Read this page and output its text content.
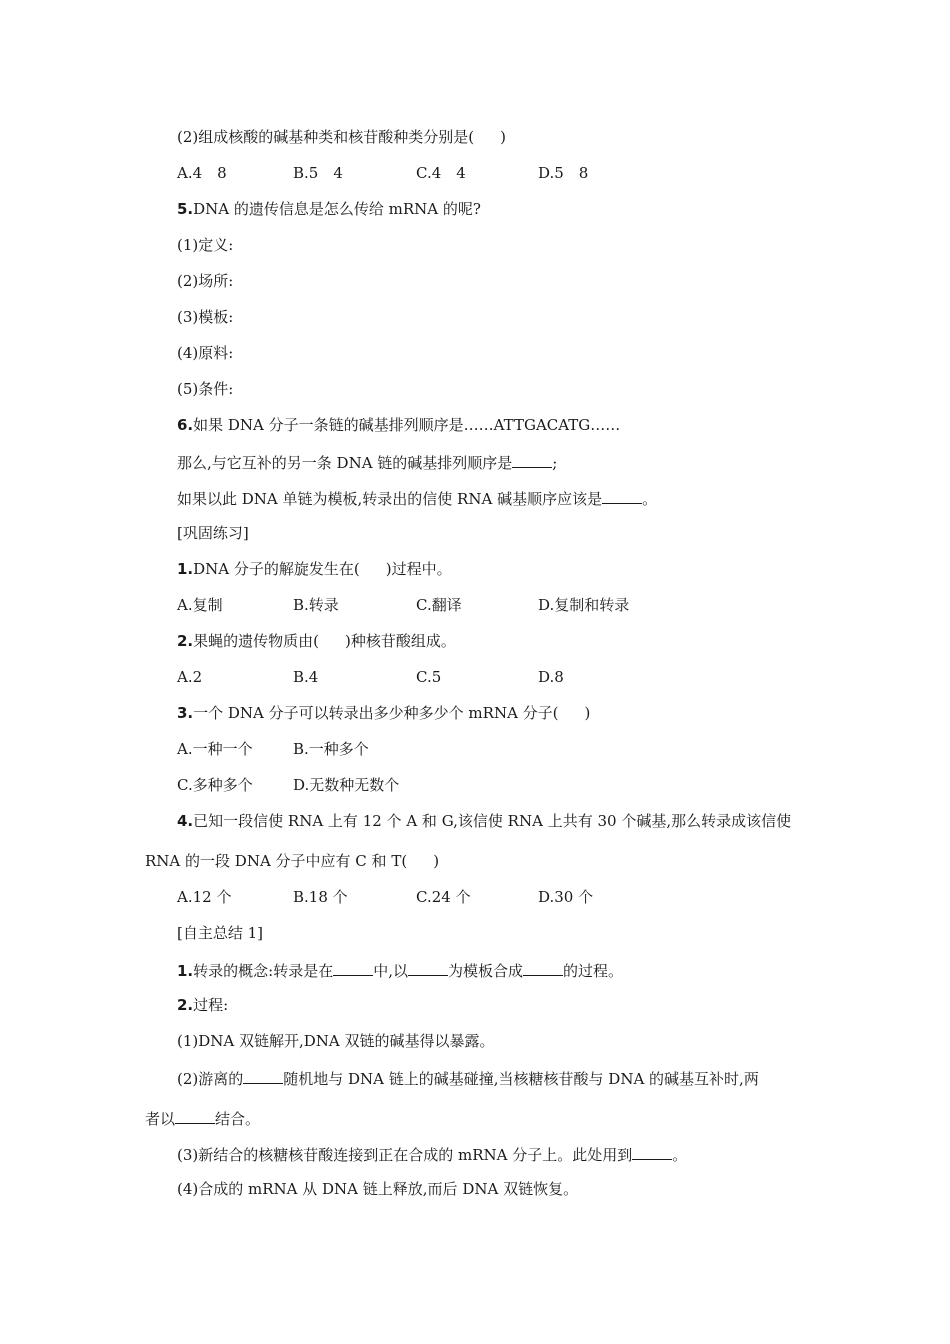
(2)组成核酸的碱基种类和核苷酸种类分别是( )
A.4　8	B.5　4	C.4　4	D.5　8
5.DNA 的遗传信息是怎么传给 mRNA 的呢?
(1)定义:
(2)场所:
(3)模板:
(4)原料:
(5)条件:
6.如果 DNA 分子一条链的碱基排列顺序是……ATTGACATG……
那么,与它互补的另一条 DNA 链的碱基排列顺序是	;
如果以此 DNA 单链为模板,转录出的信使 RNA 碱基顺序应该是	。
[巩固练习]
1.DNA 分子的解旋发生在( )过程中。
A.复制	B.转录	C.翻译	D.复制和转录
2.果蝇的遗传物质由( )种核苷酸组成。
A.2	B.4	C.5	D.8
3.一个 DNA 分子可以转录出多少种多少个 mRNA 分子( )
A.一种一个	B.一种多个
C.多种多个	D.无数种无数个
4.已知一段信使 RNA 上有 12 个 A 和 G,该信使 RNA 上共有 30 个碱基,那么转录成该信使
RNA 的一段 DNA 分子中应有 C 和 T( )
A.12 个	B.18 个	C.24 个	D.30 个
[自主总结 1]
1.转录的概念:转录是在	中,以	为模板合成	的过程。
2.过程:
(1)DNA 双链解开,DNA 双链的碱基得以暴露。
(2)游离的	随机地与 DNA 链上的碱基碰撞,当核糖核苷酸与 DNA 的碱基互补时,两
者以	结合。
(3)新结合的核糖核苷酸连接到正在合成的 mRNA 分子上。此处用到	。
(4)合成的 mRNA 从 DNA 链上释放,而后 DNA 双链恢复。
